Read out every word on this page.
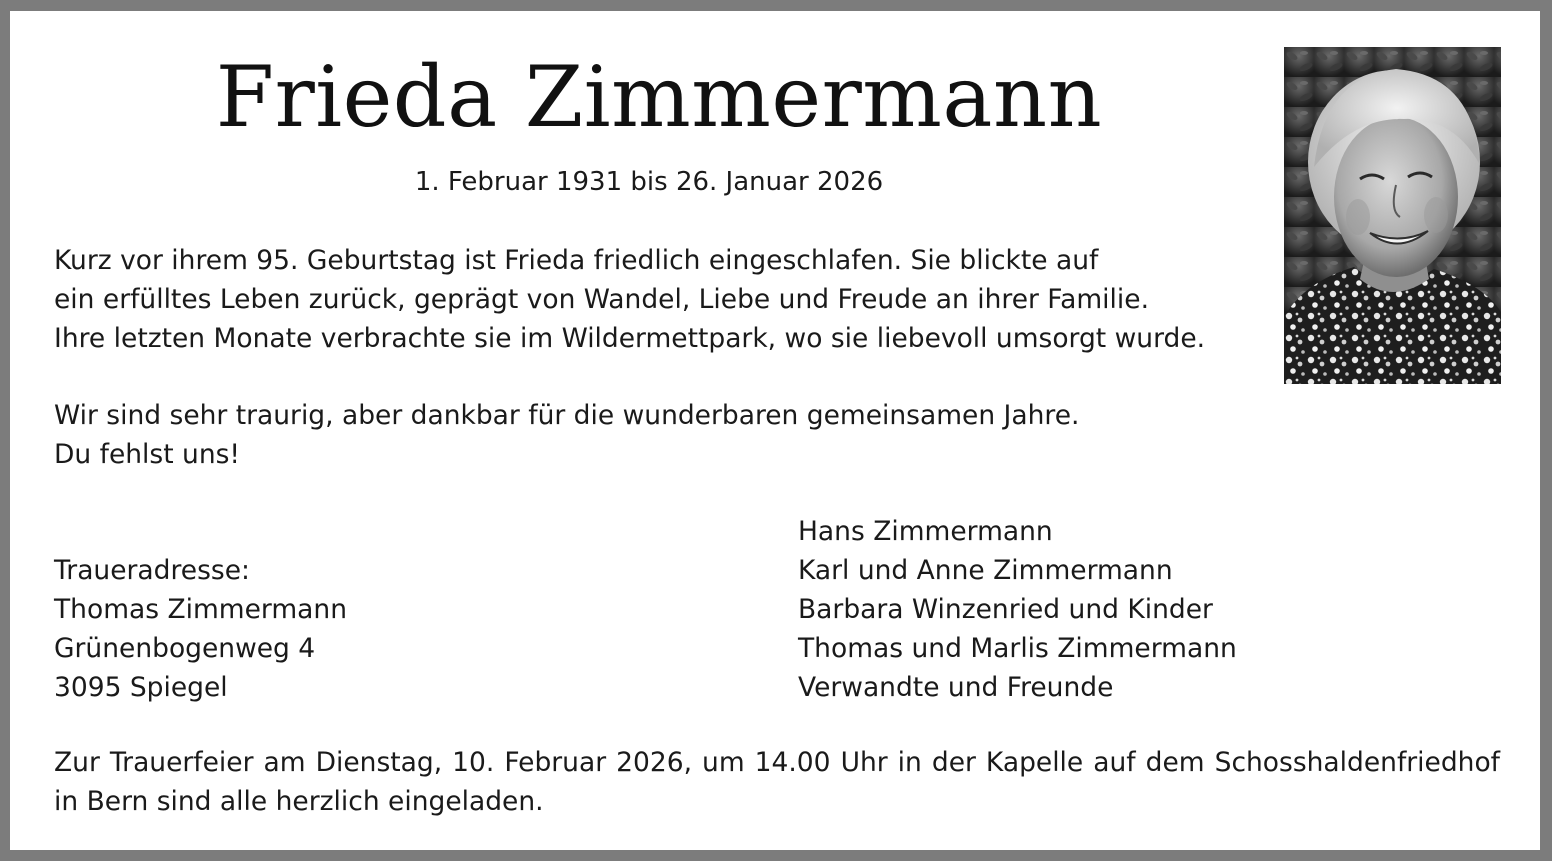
Frieda Zimmermann
1. Februar 1931 bis 26. Januar 2026
Kurz vor ihrem 95. Geburtstag ist Frieda friedlich eingeschlafen. Sie blickte auf
ein erfülltes Leben zurück, geprägt von Wandel, Liebe und Freude an ihrer Familie.
Ihre letzten Monate verbrachte sie im Wildermettpark, wo sie liebevoll umsorgt wurde.
Wir sind sehr traurig, aber dankbar für die wunderbaren gemeinsamen Jahre.
Du fehlst uns!
Traueradresse:
Thomas Zimmermann
Grünenbogenweg 4
3095 Spiegel
Hans Zimmermann
Karl und Anne Zimmermann
Barbara Winzenried und Kinder
Thomas und Marlis Zimmermann
Verwandte und Freunde
Zur Trauerfeier am Dienstag, 10. Februar 2026, um 14.00 Uhr in der Kapelle auf dem Schosshaldenfriedhof
in Bern sind alle herzlich eingeladen.
